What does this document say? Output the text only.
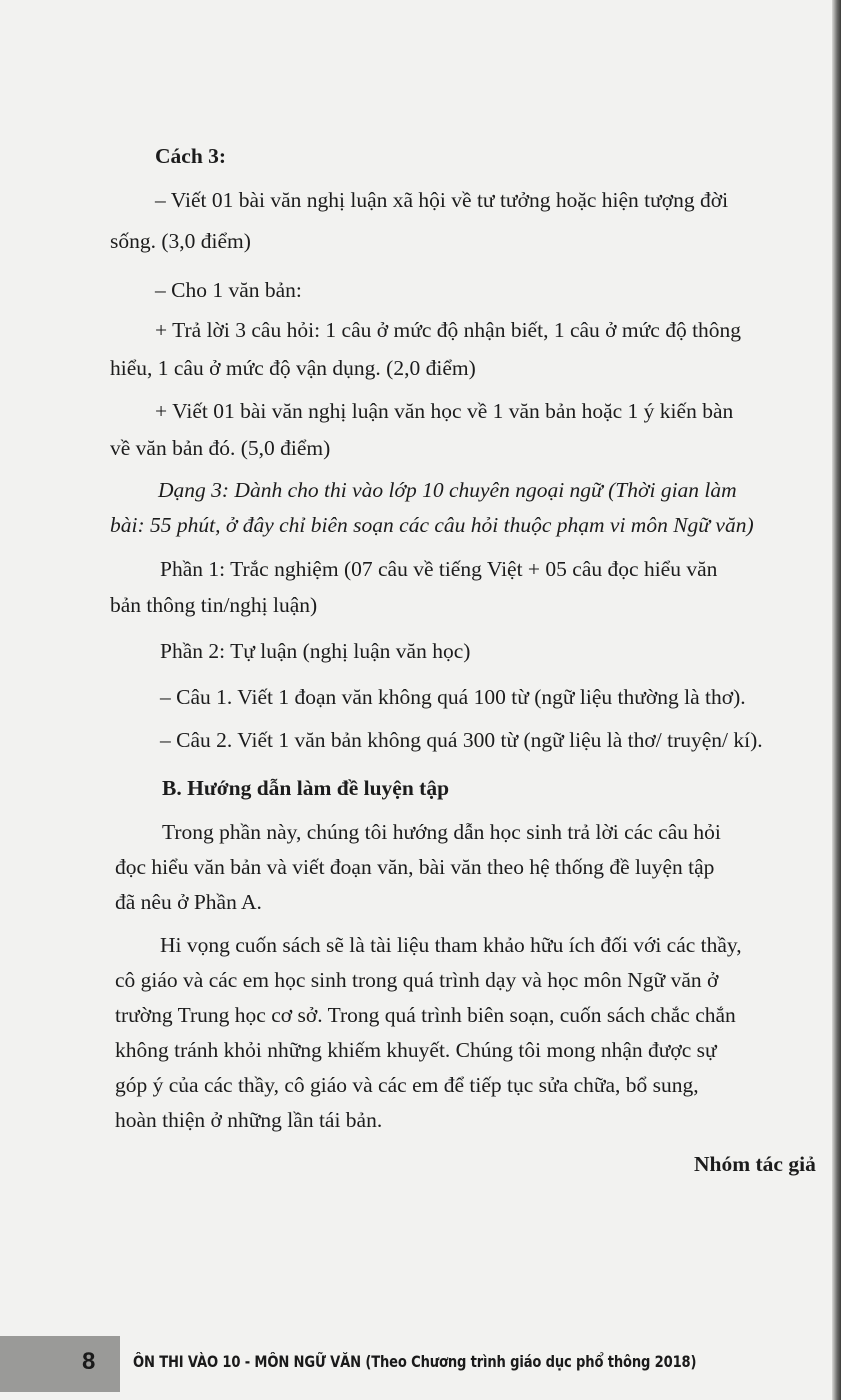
Cách 3:
– Viết 01 bài văn nghị luận xã hội về tư tưởng hoặc hiện tượng đời
sống. (3,0 điểm)
– Cho 1 văn bản:
+ Trả lời 3 câu hỏi: 1 câu ở mức độ nhận biết, 1 câu ở mức độ thông
hiểu, 1 câu ở mức độ vận dụng. (2,0 điểm)
+ Viết 01 bài văn nghị luận văn học về 1 văn bản hoặc 1 ý kiến bàn
về văn bản đó. (5,0 điểm)
Dạng 3: Dành cho thi vào lớp 10 chuyên ngoại ngữ (Thời gian làm
bài: 55 phút, ở đây chỉ biên soạn các câu hỏi thuộc phạm vi môn Ngữ văn)
Phần 1: Trắc nghiệm (07 câu về tiếng Việt + 05 câu đọc hiểu văn
bản thông tin/nghị luận)
Phần 2: Tự luận (nghị luận văn học)
– Câu 1. Viết 1 đoạn văn không quá 100 từ (ngữ liệu thường là thơ).
– Câu 2. Viết 1 văn bản không quá 300 từ (ngữ liệu là thơ/ truyện/ kí).
B. Hướng dẫn làm đề luyện tập
Trong phần này, chúng tôi hướng dẫn học sinh trả lời các câu hỏi
đọc hiểu văn bản và viết đoạn văn, bài văn theo hệ thống đề luyện tập
đã nêu ở Phần A.
Hi vọng cuốn sách sẽ là tài liệu tham khảo hữu ích đối với các thầy,
cô giáo và các em học sinh trong quá trình dạy và học môn Ngữ văn ở
trường Trung học cơ sở. Trong quá trình biên soạn, cuốn sách chắc chắn
không tránh khỏi những khiếm khuyết. Chúng tôi mong nhận được sự
góp ý của các thầy, cô giáo và các em để tiếp tục sửa chữa, bổ sung,
hoàn thiện ở những lần tái bản.
Nhóm tác giả
8 ÔN THI VÀO 10 - MÔN NGỮ VĂN (Theo Chương trình giáo dục phổ thông 2018)
